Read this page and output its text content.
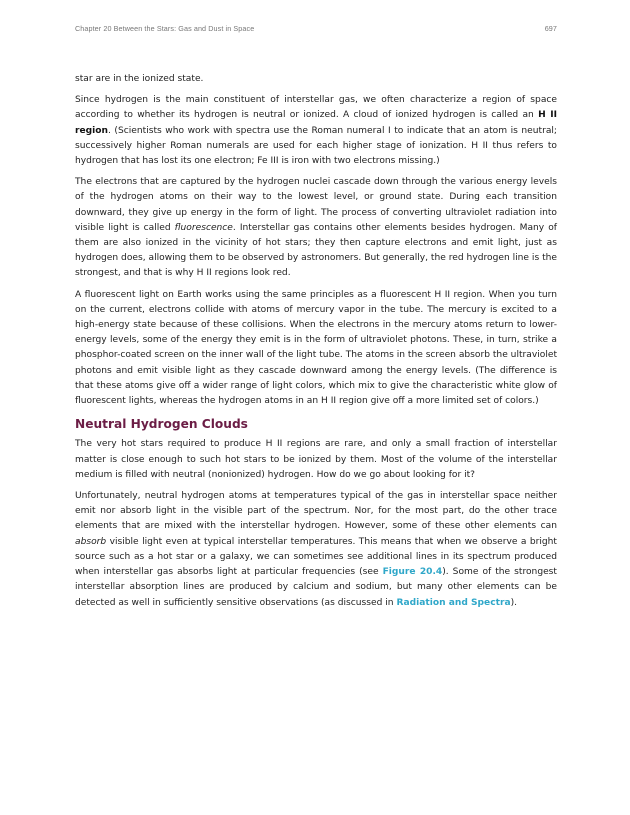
Chapter 20 Between the Stars: Gas and Dust in Space	697

star are in the ionized state.

Since hydrogen is the main constituent of interstellar gas, we often characterize a region of space according to whether its hydrogen is neutral or ionized. A cloud of ionized hydrogen is called an H II region. (Scientists who work with spectra use the Roman numeral I to indicate that an atom is neutral; successively higher Roman numerals are used for each higher stage of ionization. H II thus refers to hydrogen that has lost its one electron; Fe III is iron with two electrons missing.)

The electrons that are captured by the hydrogen nuclei cascade down through the various energy levels of the hydrogen atoms on their way to the lowest level, or ground state. During each transition downward, they give up energy in the form of light. The process of converting ultraviolet radiation into visible light is called fluorescence. Interstellar gas contains other elements besides hydrogen. Many of them are also ionized in the vicinity of hot stars; they then capture electrons and emit light, just as hydrogen does, allowing them to be observed by astronomers. But generally, the red hydrogen line is the strongest, and that is why H II regions look red.

A fluorescent light on Earth works using the same principles as a fluorescent H II region. When you turn on the current, electrons collide with atoms of mercury vapor in the tube. The mercury is excited to a high-energy state because of these collisions. When the electrons in the mercury atoms return to lower-energy levels, some of the energy they emit is in the form of ultraviolet photons. These, in turn, strike a phosphor-coated screen on the inner wall of the light tube. The atoms in the screen absorb the ultraviolet photons and emit visible light as they cascade downward among the energy levels. (The difference is that these atoms give off a wider range of light colors, which mix to give the characteristic white glow of fluorescent lights, whereas the hydrogen atoms in an H II region give off a more limited set of colors.)

Neutral Hydrogen Clouds

The very hot stars required to produce H II regions are rare, and only a small fraction of interstellar matter is close enough to such hot stars to be ionized by them. Most of the volume of the interstellar medium is filled with neutral (nonionized) hydrogen. How do we go about looking for it?

Unfortunately, neutral hydrogen atoms at temperatures typical of the gas in interstellar space neither emit nor absorb light in the visible part of the spectrum. Nor, for the most part, do the other trace elements that are mixed with the interstellar hydrogen. However, some of these other elements can absorb visible light even at typical interstellar temperatures. This means that when we observe a bright source such as a hot star or a galaxy, we can sometimes see additional lines in its spectrum produced when interstellar gas absorbs light at particular frequencies (see Figure 20.4). Some of the strongest interstellar absorption lines are produced by calcium and sodium, but many other elements can be detected as well in sufficiently sensitive observations (as discussed in Radiation and Spectra).
